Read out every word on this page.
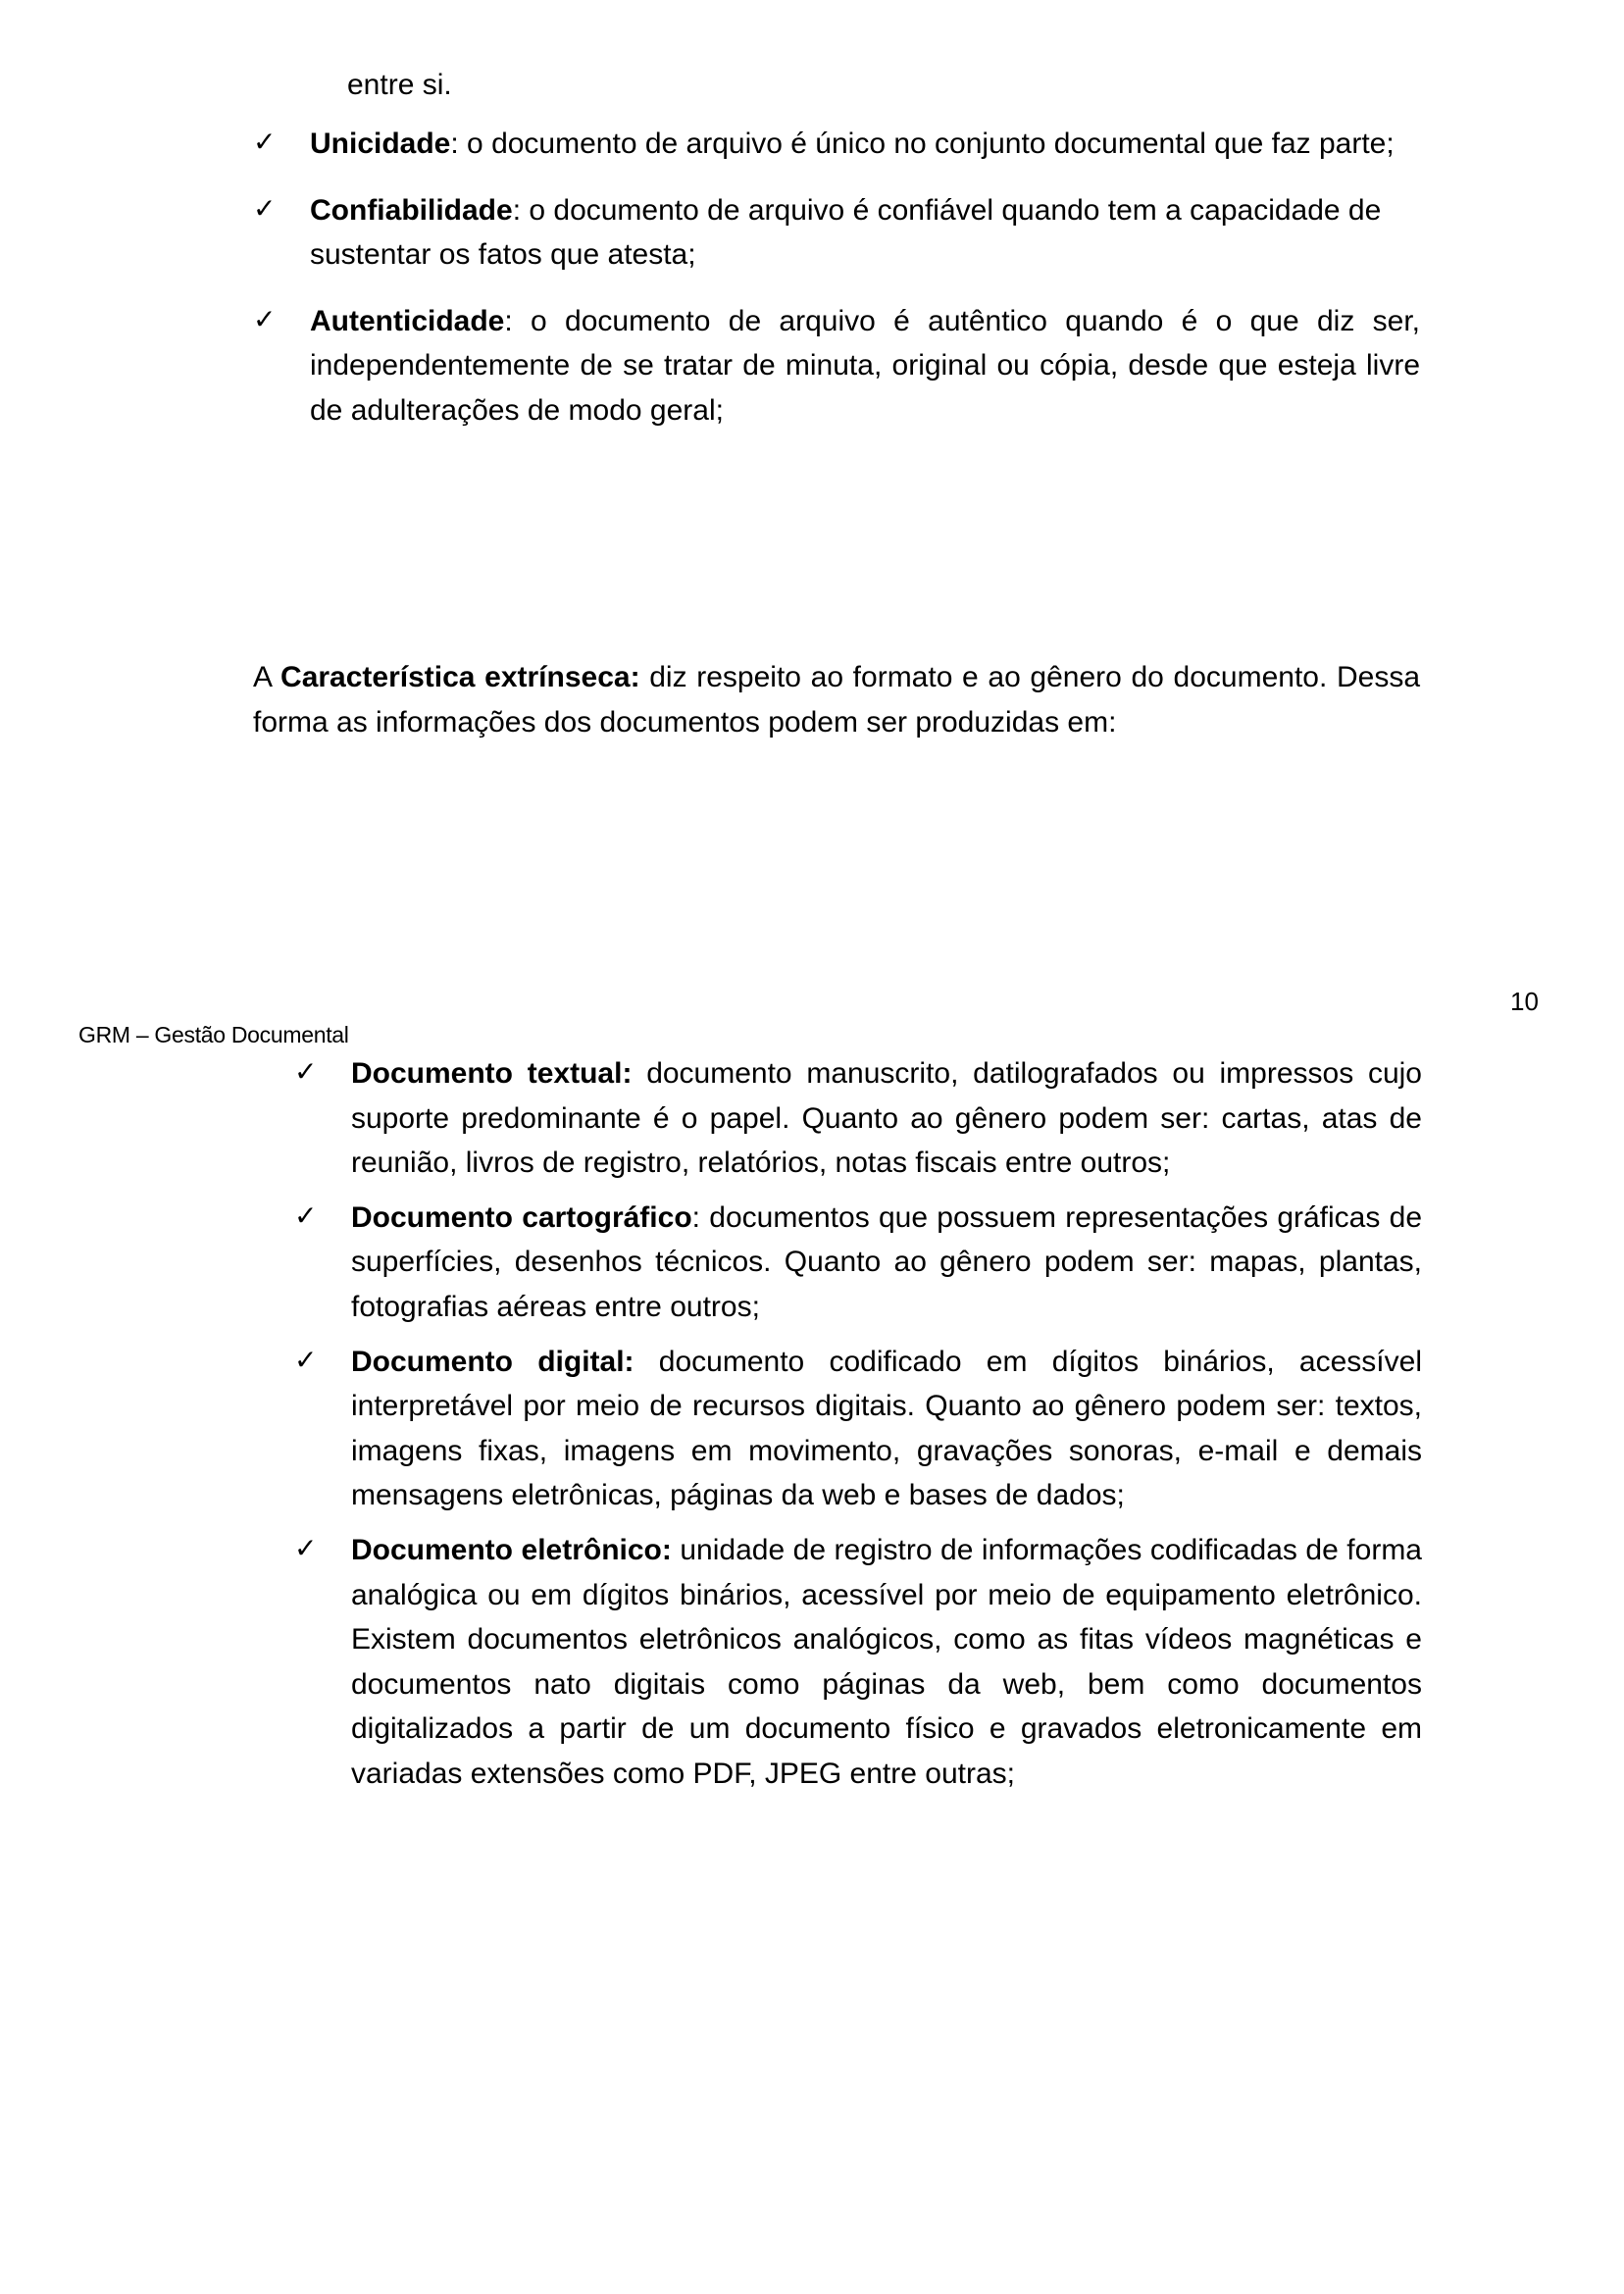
entre si.
✓ Unicidade: o documento de arquivo é único no conjunto documental que faz parte;

✓ Confiabilidade: o documento de arquivo é confiável quando tem a capacidade de sustentar os fatos que atesta;

✓ Autenticidade: o documento de arquivo é autêntico quando é o que diz ser, independentemente de se tratar de minuta, original ou cópia, desde que esteja livre de adulterações de modo geral;

A Característica extrínseca: diz respeito ao formato e ao gênero do documento. Dessa forma as informações dos documentos podem ser produzidas em:

10
GRM – Gestão Documental
✓ Documento textual: documento manuscrito, datilografados ou impressos cujo suporte predominante é o papel. Quanto ao gênero podem ser: cartas, atas de reunião, livros de registro, relatórios, notas fiscais entre outros;

✓ Documento cartográfico: documentos que possuem representações gráficas de superfícies, desenhos técnicos. Quanto ao gênero podem ser: mapas, plantas, fotografias aéreas entre outros;

✓ Documento digital: documento codificado em dígitos binários, acessível interpretável por meio de recursos digitais. Quanto ao gênero podem ser: textos, imagens fixas, imagens em movimento, gravações sonoras, e-mail e demais mensagens eletrônicas, páginas da web e bases de dados;

✓ Documento eletrônico: unidade de registro de informações codificadas de forma analógica ou em dígitos binários, acessível por meio de equipamento eletrônico. Existem documentos eletrônicos analógicos, como as fitas vídeos magnéticas e documentos nato digitais como páginas da web, bem como documentos digitalizados a partir de um documento físico e gravados eletronicamente em variadas extensões como PDF, JPEG entre outras;
